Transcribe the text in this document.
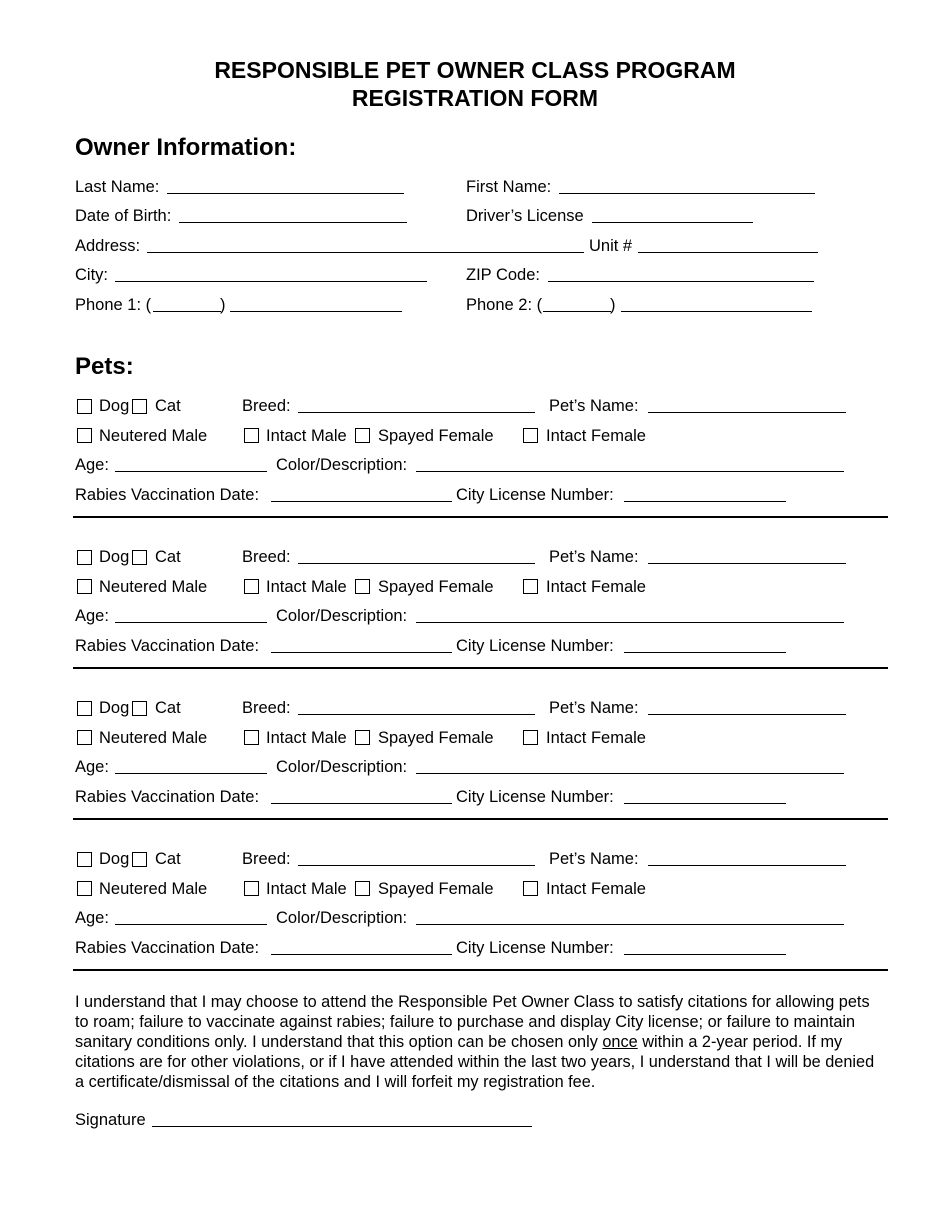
RESPONSIBLE PET OWNER CLASS PROGRAM
REGISTRATION FORM
Owner Information:
Last Name:	First Name:
Date of Birth:	Driver’s License
Address:	Unit #
City:	ZIP Code:
Phone 1: (	)	Phone 2: (	)
Pets:
Dog Cat	Breed:	Pet’s Name:
Neutered Male	Intact Male Spayed Female	Intact Female
Age:	Color/Description:
Rabies Vaccination Date:	City License Number:
Dog Cat	Breed:	Pet’s Name:
Neutered Male	Intact Male Spayed Female	Intact Female
Age:	Color/Description:
Rabies Vaccination Date:	City License Number:
Dog Cat	Breed:	Pet’s Name:
Neutered Male	Intact Male Spayed Female	Intact Female
Age:	Color/Description:
Rabies Vaccination Date:	City License Number:
Dog Cat	Breed:	Pet’s Name:
Neutered Male	Intact Male Spayed Female	Intact Female
Age:	Color/Description:
Rabies Vaccination Date:	City License Number:
I understand that I may choose to attend the Responsible Pet Owner Class to satisfy citations for allowing pets to roam; failure to vaccinate against rabies; failure to purchase and display City license; or failure to maintain sanitary conditions only. I understand that this option can be chosen only once within a 2-year period. If my citations are for other violations, or if I have attended within the last two years, I understand that I will be denied a certificate/dismissal of the citations and I will forfeit my registration fee.
Signature
